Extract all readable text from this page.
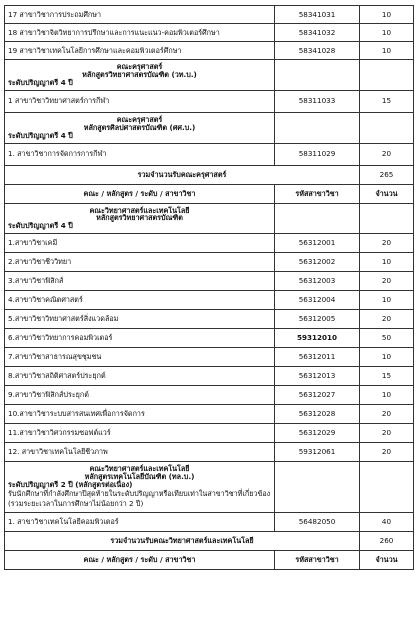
17 สาขาวิชาการประถมศึกษา	58341031	10
18 สาขาวิชาจิตวิทยาการปรึกษาและการแนะแนว-คอมพิวเตอร์ศึกษา	58341032	10
19 สาขาวิชาเทคโนโลยีการศึกษาและคอมพิวเตอร์ศึกษา	58341028	10

คณะครุศาสตร์
หลักสูตรวิทยาศาสตรบัณฑิต (วท.บ.)
ระดับปริญญาตรี 4 ปี		

1 สาขาวิชาวิทยาศาสตร์การกีฬา	58311033	15

คณะครุศาสตร์
หลักสูตรศิลปศาสตรบัณฑิต (ศศ.บ.)
ระดับปริญญาตรี 4 ปี		

1. สาขาวิชาการจัดการการกีฬา	58311029	20
รวมจำนวนรับคณะครุศาสตร์		265
คณะ / หลักสูตร / ระดับ / สาขาวิชา	รหัสสาขาวิชา	จำนวน

คณะวิทยาศาสตร์และเทคโนโลยี
หลักสูตรวิทยาศาสตรบัณฑิต
ระดับปริญญาตรี 4 ปี		

1.สาขาวิชาเคมี	56312001	20
2.สาขาวิชาชีววิทยา	56312002	10
3.สาขาวิชาฟิสิกส์	56312003	20
4.สาขาวิชาคณิตศาสตร์	56312004	10
5.สาขาวิชาวิทยาศาสตร์สิ่งแวดล้อม	56312005	20
6.สาขาวิชาวิทยาการคอมพิวเตอร์	59312010	50
7.สาขาวิชาสาธารณสุขชุมชน	56312011	10
8.สาขาวิชาสถิติศาสตร์ประยุกต์	56312013	15
9.สาขาวิชาฟิสิกส์ประยุกต์	56312027	10
10.สาขาวิชาระบบสารสนเทศเพื่อการจัดการ	56312028	20
11.สาขาวิชาวิศวกรรมซอฟต์แวร์	56312029	20
12. สาขาวิชาเทคโนโลยีชีวภาพ	59312061	20

คณะวิทยาศาสตร์และเทคโนโลยี
หลักสูตรเทคโนโลยีบัณฑิต (ทล.บ.)
ระดับปริญญาตรี 2 ปี (หลักสูตรต่อเนื่อง)
รับนักศึกษาที่กำลังศึกษาปีสุดท้ายในระดับปริญญาหรือเทียบเท่าในสาขาวิชาที่เกี่ยวข้อง (รวมระยะเวลาในการศึกษาไม่น้อยกว่า 2 ปี)		

1. สาขาวิชาเทคโนโลยีคอมพิวเตอร์	56482050	40
รวมจำนวนรับคณะวิทยาศาสตร์และเทคโนโลยี		260
คณะ / หลักสูตร / ระดับ / สาขาวิชา	รหัสสาขาวิชา	จำนวน
